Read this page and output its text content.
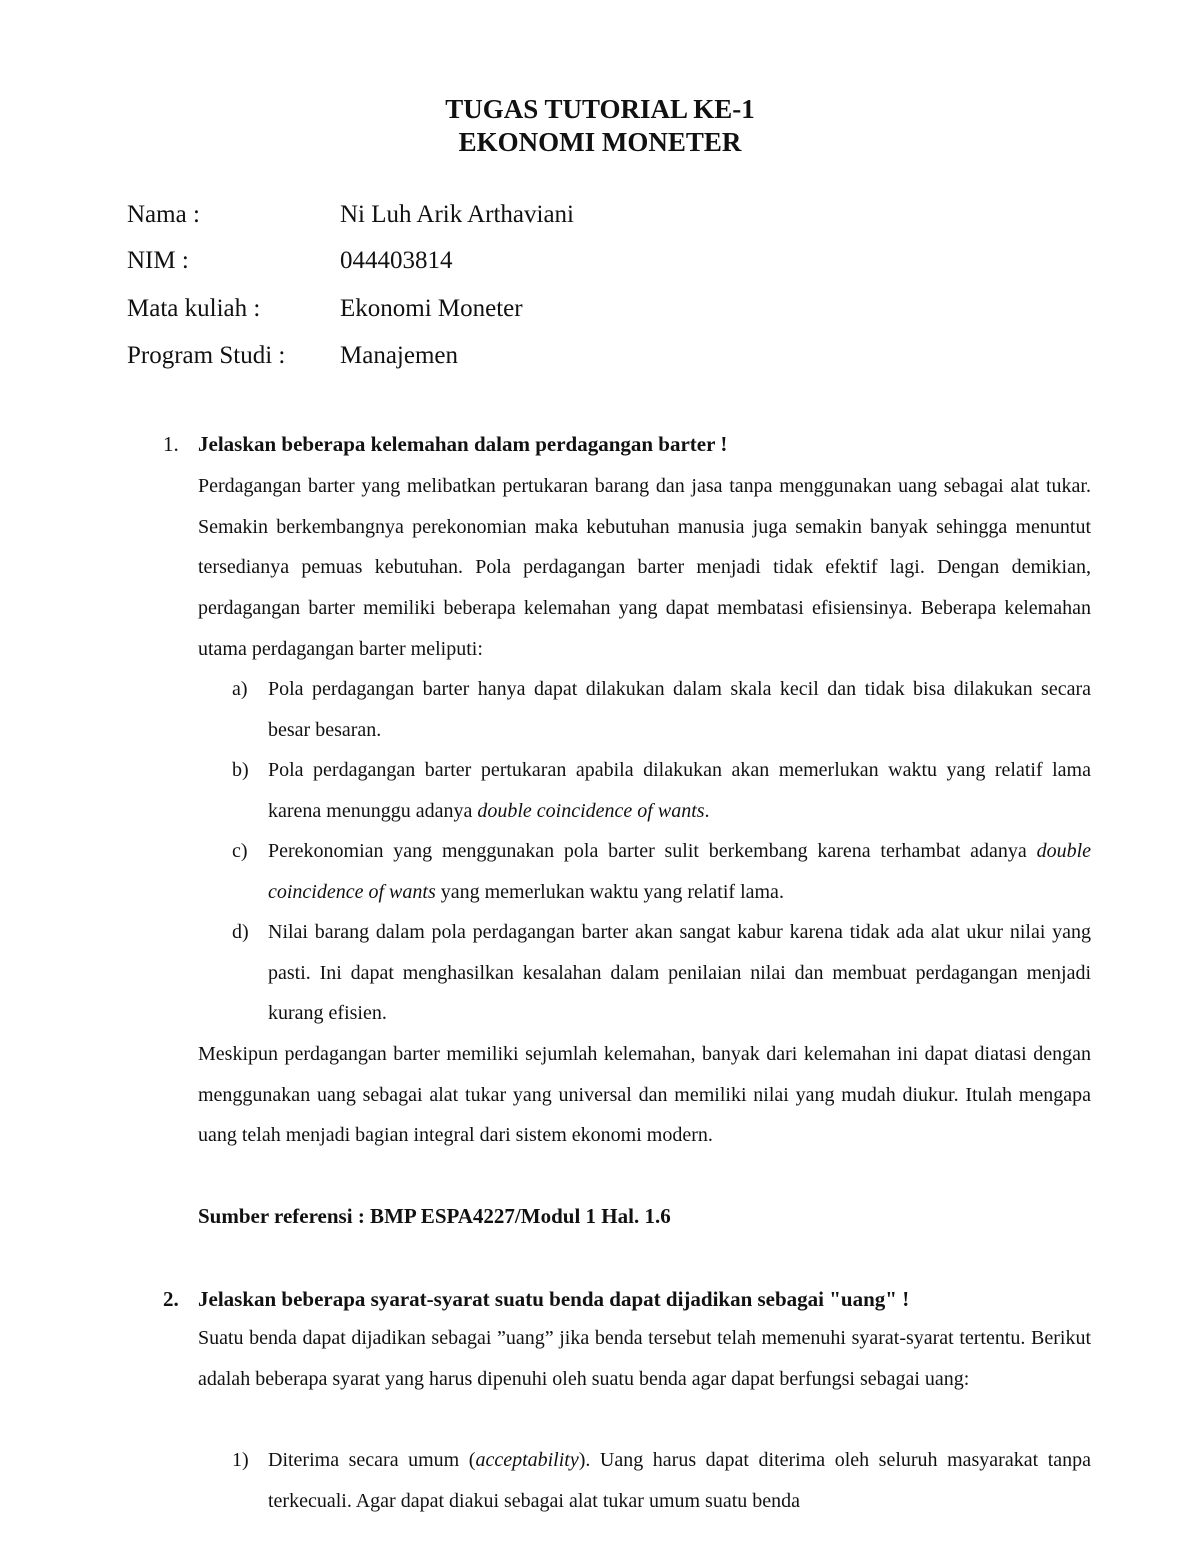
TUGAS TUTORIAL KE-1
EKONOMI MONETER
Nama :	Ni Luh Arik Arthaviani
NIM :	044403814
Mata kuliah :	Ekonomi Moneter
Program Studi : Manajemen
1. Jelaskan beberapa kelemahan dalam perdagangan barter !
Perdagangan barter yang melibatkan pertukaran barang dan jasa tanpa menggunakan uang sebagai alat tukar. Semakin berkembangnya perekonomian maka kebutuhan manusia juga semakin banyak sehingga menuntut tersedianya pemuas kebutuhan. Pola perdagangan barter menjadi tidak efektif lagi. Dengan demikian, perdagangan barter memiliki beberapa kelemahan yang dapat membatasi efisiensinya. Beberapa kelemahan utama perdagangan barter meliputi:
a) Pola perdagangan barter hanya dapat dilakukan dalam skala kecil dan tidak bisa dilakukan secara besar besaran.
b) Pola perdagangan barter pertukaran apabila dilakukan akan memerlukan waktu yang relatif lama karena menunggu adanya double coincidence of wants.
c) Perekonomian yang menggunakan pola barter sulit berkembang karena terhambat adanya double coincidence of wants yang memerlukan waktu yang relatif lama.
d) Nilai barang dalam pola perdagangan barter akan sangat kabur karena tidak ada alat ukur nilai yang pasti. Ini dapat menghasilkan kesalahan dalam penilaian nilai dan membuat perdagangan menjadi kurang efisien.
Meskipun perdagangan barter memiliki sejumlah kelemahan, banyak dari kelemahan ini dapat diatasi dengan menggunakan uang sebagai alat tukar yang universal dan memiliki nilai yang mudah diukur. Itulah mengapa uang telah menjadi bagian integral dari sistem ekonomi modern.
Sumber referensi : BMP ESPA4227/Modul 1 Hal. 1.6
2. Jelaskan beberapa syarat-syarat suatu benda dapat dijadikan sebagai "uang" !
Suatu benda dapat dijadikan sebagai ”uang” jika benda tersebut telah memenuhi syarat-syarat tertentu. Berikut adalah beberapa syarat yang harus dipenuhi oleh suatu benda agar dapat berfungsi sebagai uang:
1) Diterima secara umum (acceptability). Uang harus dapat diterima oleh seluruh masyarakat tanpa terkecuali. Agar dapat diakui sebagai alat tukar umum suatu benda
